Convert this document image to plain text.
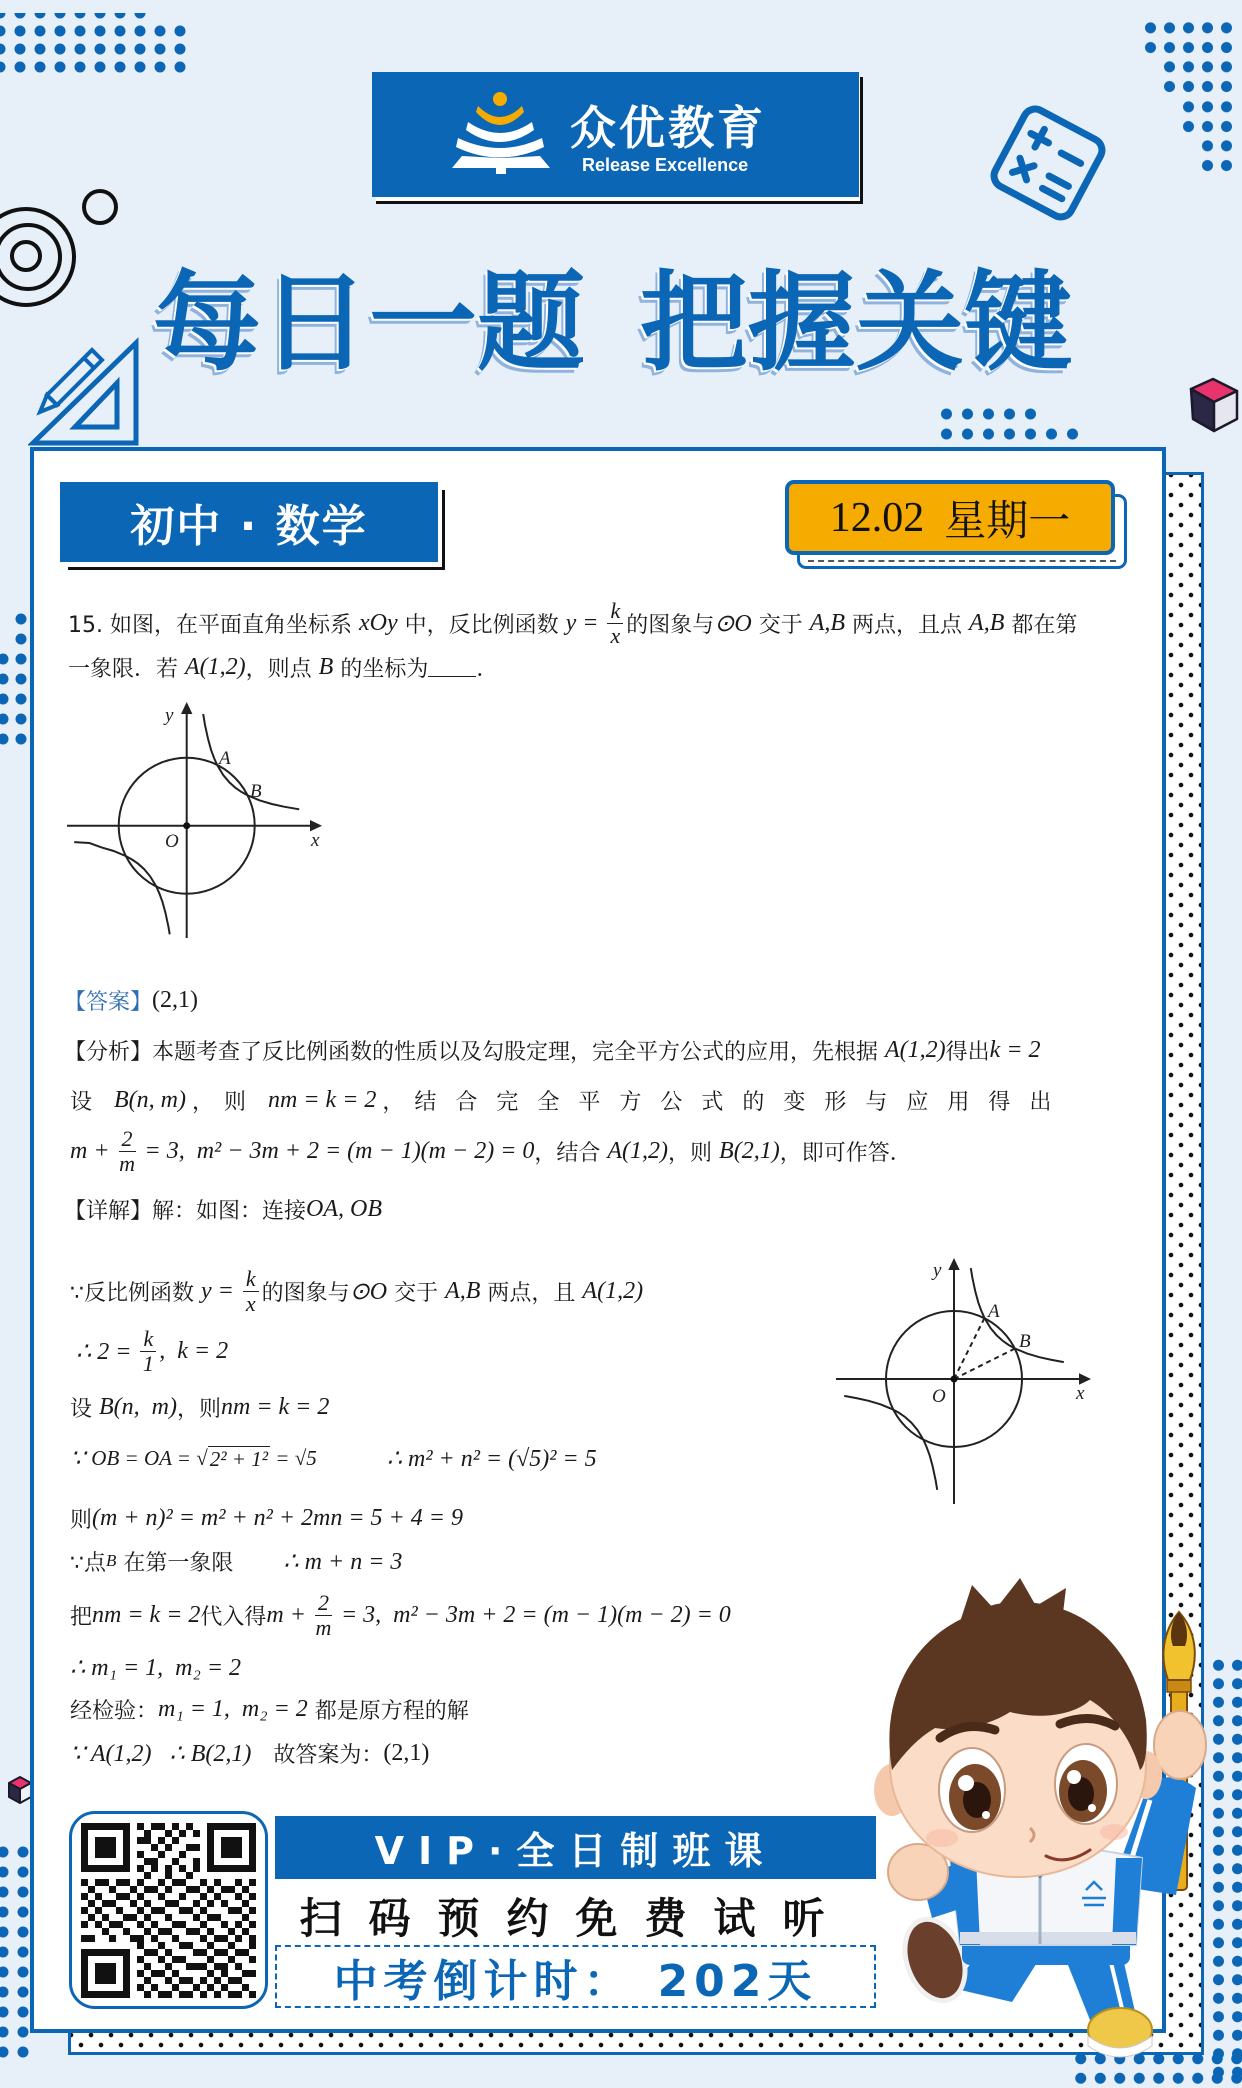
众优教育
Release Excellence
每日一题 把握关键
初中 · 数学	12.02 星期一
15. 如图，在平面直角坐标系 xOy 中，反比例函数 $y = \frac{k}{x}$ 的图象与 ⊙O 交于 A,B 两点，且点 A,B 都在第
一象限．若 A(1,2) ，则点 B 的坐标为 ．
y
x
O
A
B
【答案】 (2,1)
【分析】本题考查了反比例函数的性质以及勾股定理，完全平方公式的应用，先根据 A(1,2) 得出 k = 2
设 B(n, m) ， 则 nm = k = 2 ， 结合完全平方公式的变形与应用得出
$m + \frac{2}{m} = 3$,  m² − 3m + 2 = (m − 1)(m − 2) = 0 ，结合 A(1,2) ，则 B(2,1) ，即可作答．
【详解】解：如图：连接 OA, OB
∵反比例函数 $y = \frac{k}{x}$ 的图象与 ⊙O 交于 A,B 两点，且 A(1,2)
∴ $2 = \frac{k}{1}$ ,  k = 2
设 B(n,  m) ，则 nm = k = 2
∵ OB = OA = √ 2² + 1² = √5	∴ m² + n² = (√5)² = 5
则 (m + n)² = m² + n² + 2mn = 5 + 4 = 9
∵点 B 在第一象限 ∴ m + n = 3
把 nm = k = 2 代入得 $m + \frac{2}{m} = 3$,  m² − 3m + 2 = (m − 1)(m − 2) = 0
∴ m₁ = 1,  m₂ = 2
经检验： m₁ = 1,  m₂ = 2 都是原方程的解
∵ A(1,2) ∴ B(2,1) 故答案为： (2,1)
y
x
O
A
B
VIP·全日制班课
扫码预约免费试听
中考倒计时： 202天
